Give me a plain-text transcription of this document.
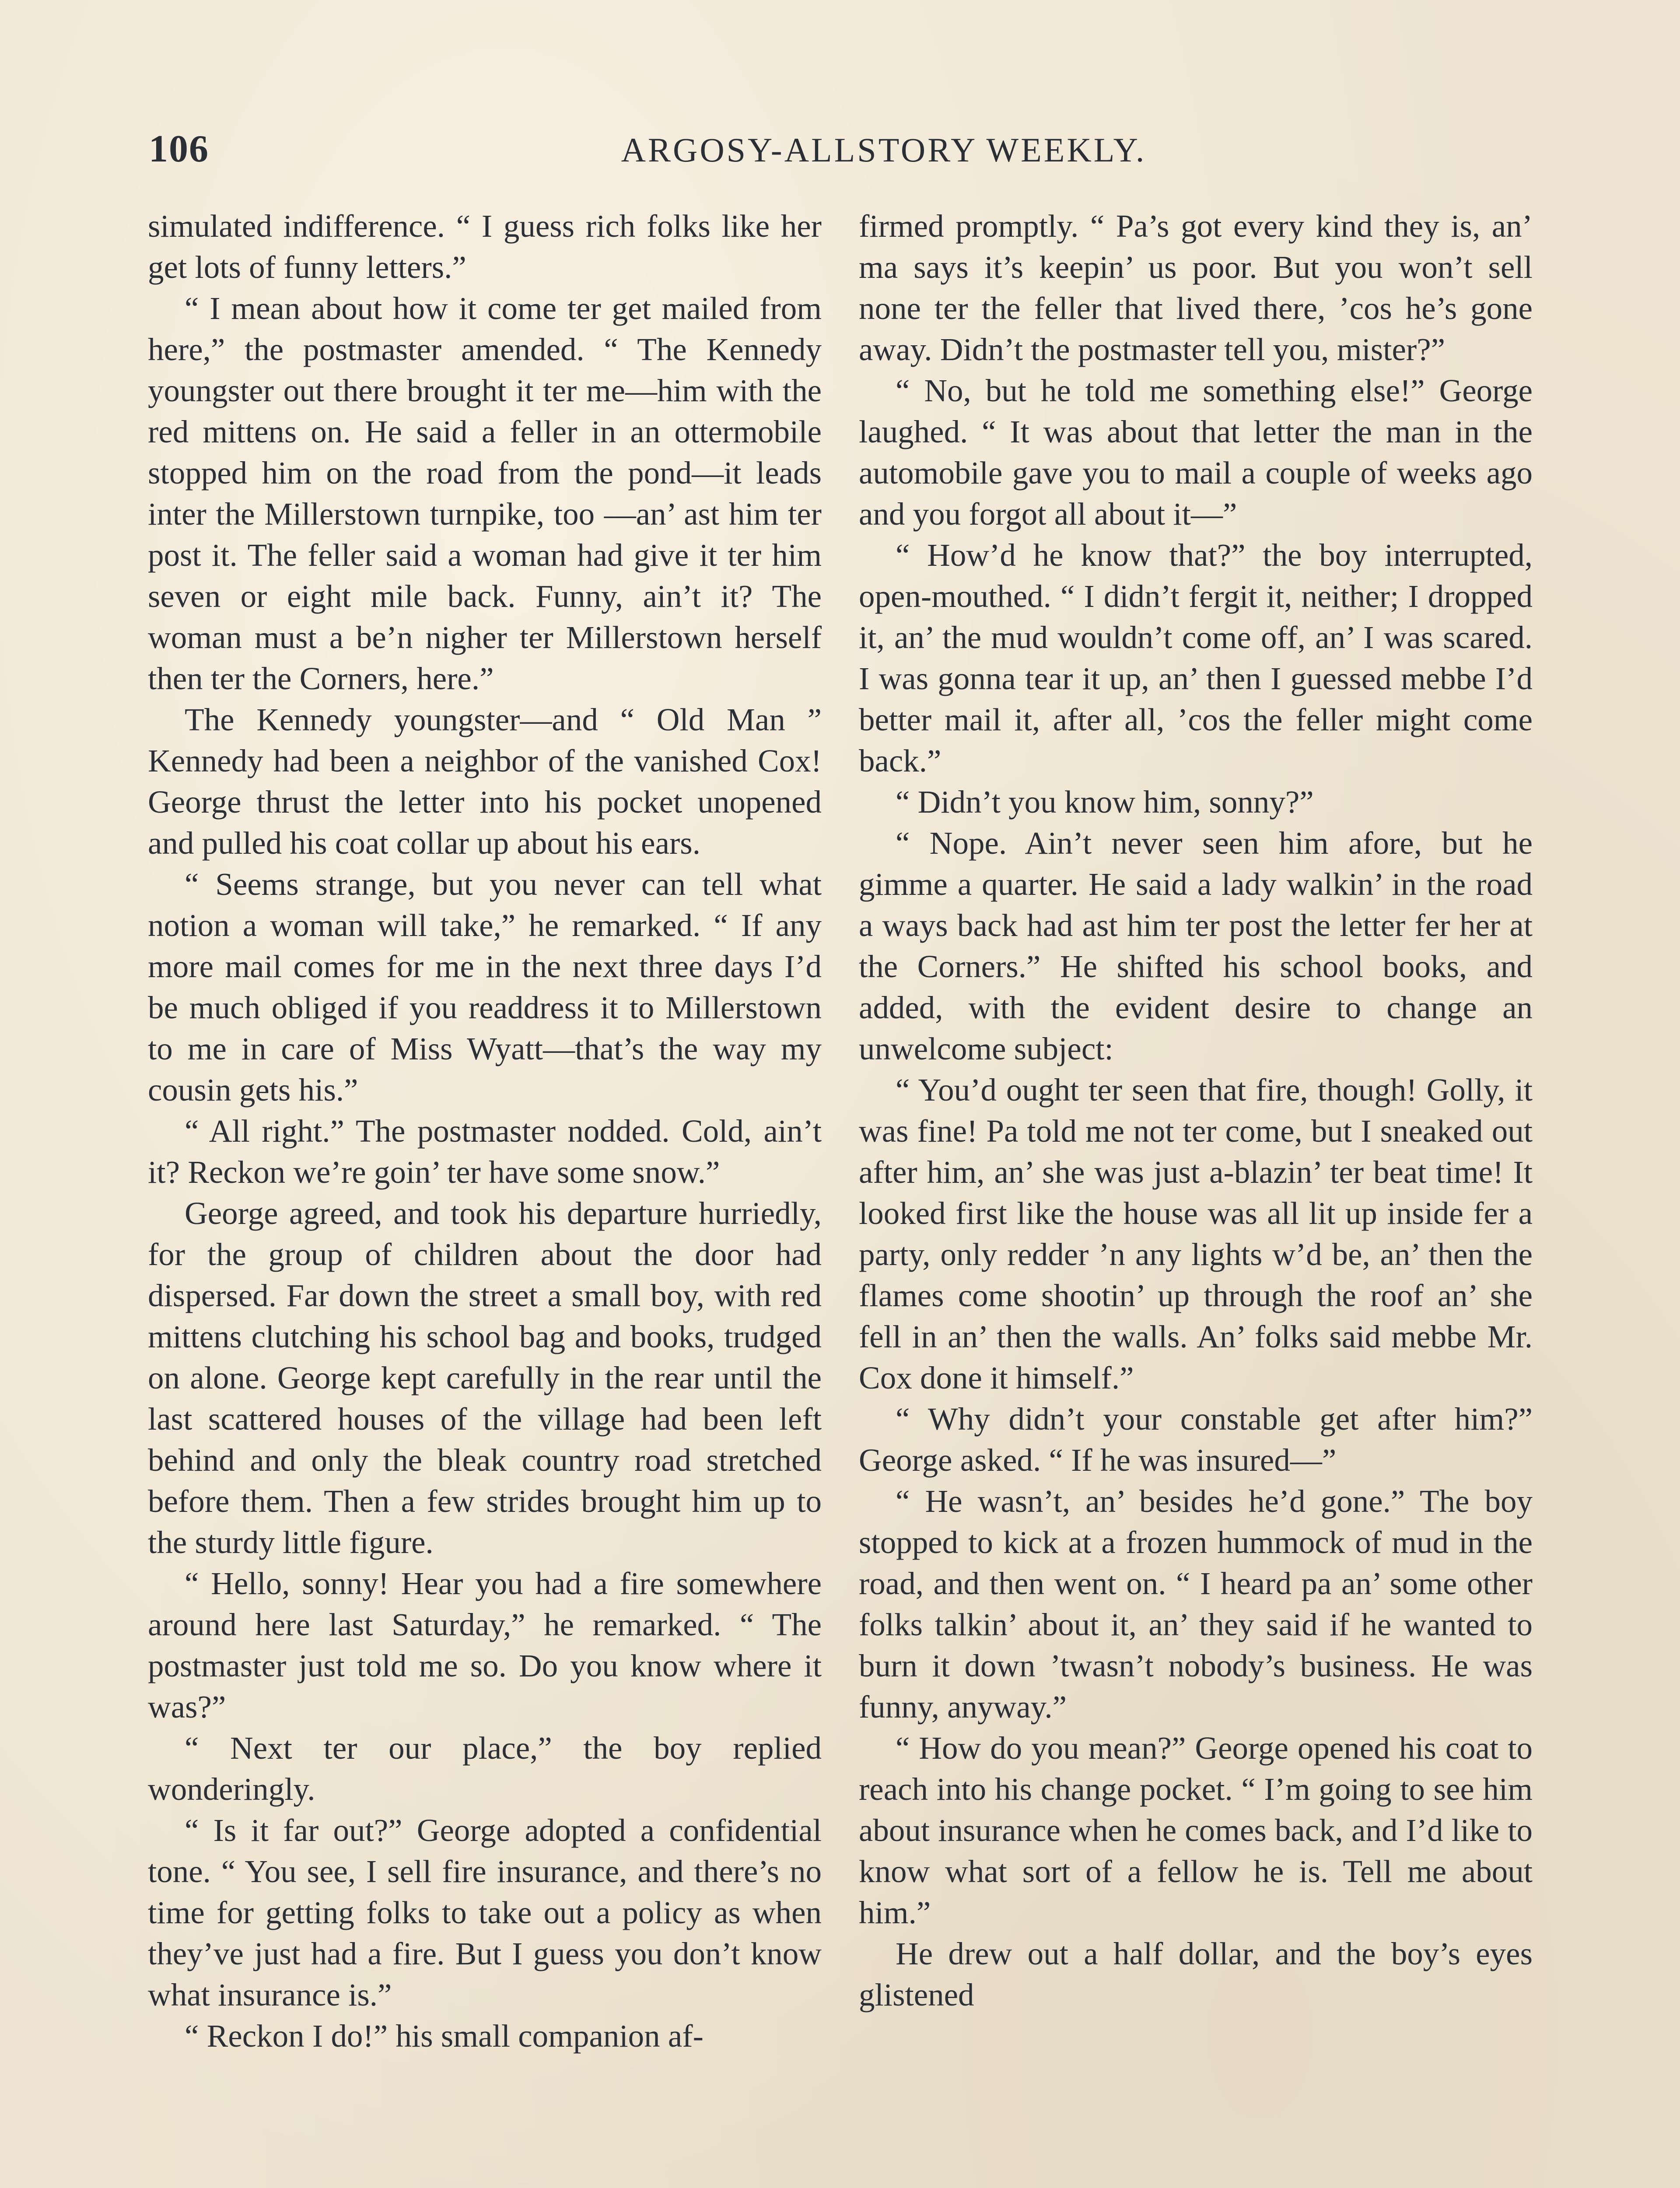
106	ARGOSY-ALLSTORY WEEKLY.

simulated indifference. “ I guess rich folks like her get lots of funny letters.”

“ I mean about how it come ter get mailed from here,” the postmaster amended. “ The Kennedy youngster out there brought it ter me—him with the red mittens on. He said a feller in an ottermobile stopped him on the road from the pond—it leads inter the Millerstown turnpike, too —an’ ast him ter post it. The feller said a woman had give it ter him seven or eight mile back. Funny, ain’t it? The woman must a be’n nigher ter Millerstown herself then ter the Corners, here.”

The Kennedy youngster—and “ Old Man ” Kennedy had been a neighbor of the vanished Cox! George thrust the letter into his pocket unopened and pulled his coat collar up about his ears.

“ Seems strange, but you never can tell what notion a woman will take,” he remarked. “ If any more mail comes for me in the next three days I’d be much obliged if you readdress it to Millerstown to me in care of Miss Wyatt—that’s the way my cousin gets his.”

“ All right.” The postmaster nodded. Cold, ain’t it? Reckon we’re goin’ ter have some snow.”

George agreed, and took his departure hurriedly, for the group of children about the door had dispersed. Far down the street a small boy, with red mittens clutching his school bag and books, trudged on alone. George kept carefully in the rear until the last scattered houses of the village had been left behind and only the bleak country road stretched before them. Then a few strides brought him up to the sturdy little figure.

“ Hello, sonny! Hear you had a fire somewhere around here last Saturday,” he remarked. “ The postmaster just told me so. Do you know where it was?”

“ Next ter our place,” the boy replied wonderingly.

“ Is it far out?” George adopted a confidential tone. “ You see, I sell fire insurance, and there’s no time for getting folks to take out a policy as when they’ve just had a fire. But I guess you don’t know what insurance is.”

“ Reckon I do!” his small companion af-

firmed promptly. “ Pa’s got every kind they is, an’ ma says it’s keepin’ us poor. But you won’t sell none ter the feller that lived there, ’cos he’s gone away. Didn’t the postmaster tell you, mister?”

“ No, but he told me something else!” George laughed. “ It was about that letter the man in the automobile gave you to mail a couple of weeks ago and you forgot all about it—”

“ How’d he know that?” the boy interrupted, open-mouthed. “ I didn’t fergit it, neither; I dropped it, an’ the mud wouldn’t come off, an’ I was scared. I was gonna tear it up, an’ then I guessed mebbe I’d better mail it, after all, ’cos the feller might come back.”

“ Didn’t you know him, sonny?”

“ Nope. Ain’t never seen him afore, but he gimme a quarter. He said a lady walkin’ in the road a ways back had ast him ter post the letter fer her at the Corners.” He shifted his school books, and added, with the evident desire to change an unwelcome subject:

“ You’d ought ter seen that fire, though! Golly, it was fine! Pa told me not ter come, but I sneaked out after him, an’ she was just a-blazin’ ter beat time! It looked first like the house was all lit up inside fer a party, only redder ’n any lights w’d be, an’ then the flames come shootin’ up through the roof an’ she fell in an’ then the walls. An’ folks said mebbe Mr. Cox done it himself.”

“ Why didn’t your constable get after him?” George asked. “ If he was insured—”

“ He wasn’t, an’ besides he’d gone.” The boy stopped to kick at a frozen hummock of mud in the road, and then went on. “ I heard pa an’ some other folks talkin’ about it, an’ they said if he wanted to burn it down ’twasn’t nobody’s business. He was funny, anyway.”

“ How do you mean?” George opened his coat to reach into his change pocket. “ I’m going to see him about insurance when he comes back, and I’d like to know what sort of a fellow he is. Tell me about him.”

He drew out a half dollar, and the boy’s eyes glistened
